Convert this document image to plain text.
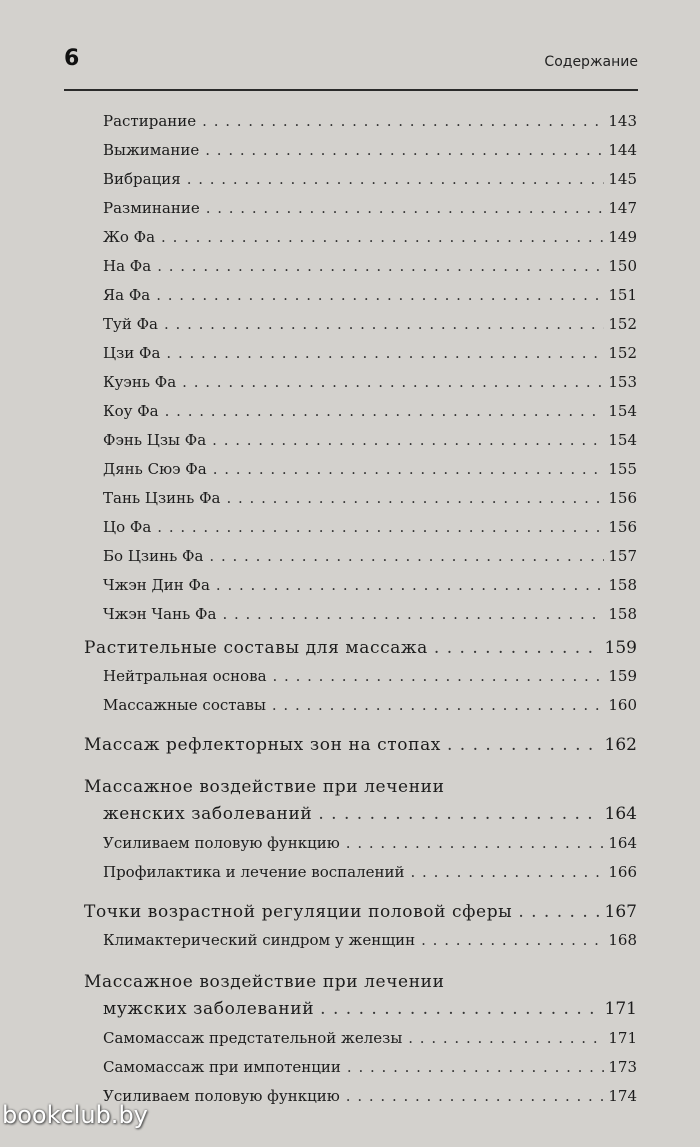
6	Содержание
Растирание . . .	143
Выжимание . . .	144
Вибрация . . .	145
Разминание . . .	147
Жо Фа . . .	149
На Фа . . .	150
Яа Фа . . .	151
Туй Фа . . .	152
Цзи Фа . . .	152
Куэнь Фа . . .	153
Коу Фа . . .	154
Фэнь Цзы Фа . . .	154
Дянь Сюэ Фа . . .	155
Тань Цзинь Фа . . .	156
Цо Фа . . .	156
Бо Цзинь Фа . . .	157
Чжэн Дин Фа . . .	158
Чжэн Чань Фа . . .	158
Растительные составы для массажа . . .	159
Нейтральная основа . . .	159
Массажные составы . . .	160
Массаж рефлекторных зон на стопах . . .	162
Массажное воздействие при лечении
женских заболеваний . . .	164
Усиливаем половую функцию . . .	164
Профилактика и лечение воспалений . . .	166
Точки возрастной регуляции половой сферы . . .	167
Климактерический синдром у женщин . . .	168
Массажное воздействие при лечении
мужских заболеваний . . .	171
Самомассаж предстательной железы . . .	171
Самомассаж при импотенции . . .	173
Усиливаем половую функцию . . .	174
bookclub.by
